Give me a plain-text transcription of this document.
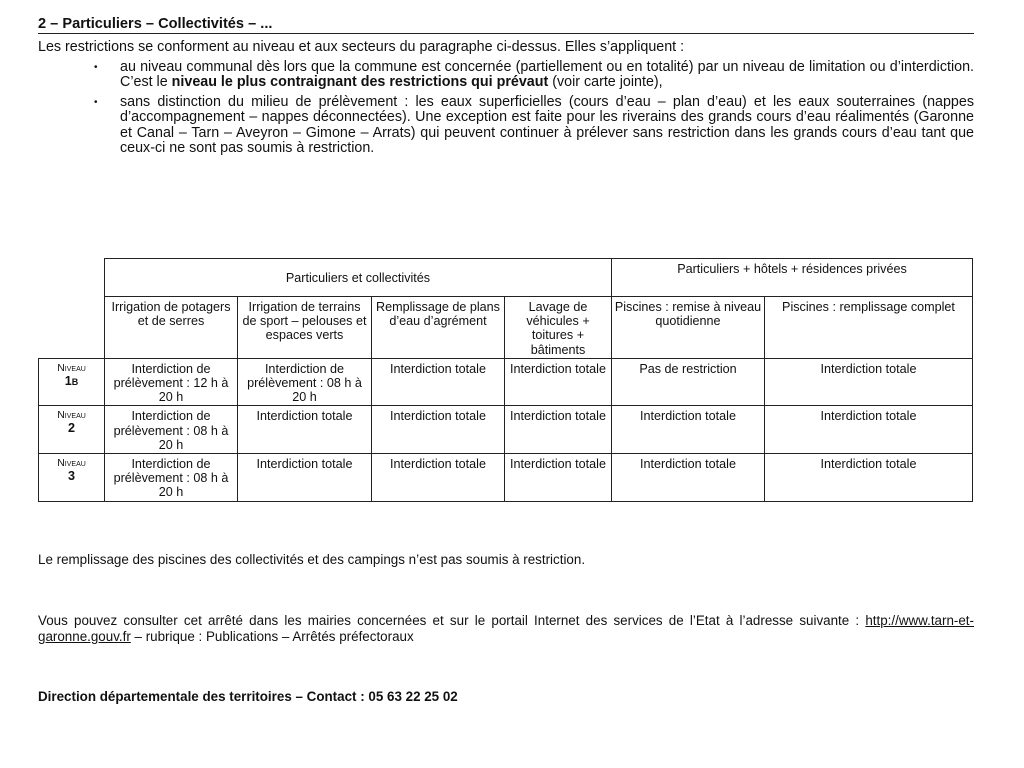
2 – Particuliers – Collectivités – ...

Les restrictions se conforment au niveau et aux secteurs du paragraphe ci-dessus. Elles s’appliquent :

• au niveau communal dès lors que la commune est concernée (partiellement ou en totalité) par un niveau de limitation ou d’interdiction. C’est le niveau le plus contraignant des restrictions qui prévaut (voir carte jointe),
• sans distinction du milieu de prélèvement : les eaux superficielles (cours d’eau – plan d’eau) et les eaux souterraines (nappes d’accompagnement – nappes déconnectées). Une exception est faite pour les riverains des grands cours d’eau réalimentés (Garonne et Canal – Tarn – Aveyron – Gimone – Arrats) qui peuvent continuer à prélever sans restriction dans les grands cours d’eau tant que ceux-ci ne sont pas soumis à restriction.
	Particuliers et collectivités				Particuliers + hôtels + résidences privées	
	Irrigation de potagers et de serres	Irrigation de terrains de sport – pelouses et espaces verts	Remplissage de plans d’eau d’agrément	Lavage de véhicules + toitures + bâtiments	Piscines : remise à niveau quotidienne	Piscines : remplissage complet
Niveau
1b	Interdiction de prélèvement : 12 h à 20 h	Interdiction de prélèvement : 08 h à 20 h	Interdiction totale	Interdiction totale	Pas de restriction	Interdiction totale
Niveau
2	Interdiction de prélèvement : 08 h à 20 h	Interdiction totale	Interdiction totale	Interdiction totale	Interdiction totale	Interdiction totale
Niveau
3	Interdiction de prélèvement : 08 h à 20 h	Interdiction totale	Interdiction totale	Interdiction totale	Interdiction totale	Interdiction totale
Le remplissage des piscines des collectivités et des campings n’est pas soumis à restriction.
Vous pouvez consulter cet arrêté dans les mairies concernées et sur le portail Internet des services de l’Etat à l’adresse suivante : http://www.tarn-et-garonne.gouv.fr – rubrique : Publications – Arrêtés préfectoraux
Direction départementale des territoires – Contact : 05 63 22 25 02
